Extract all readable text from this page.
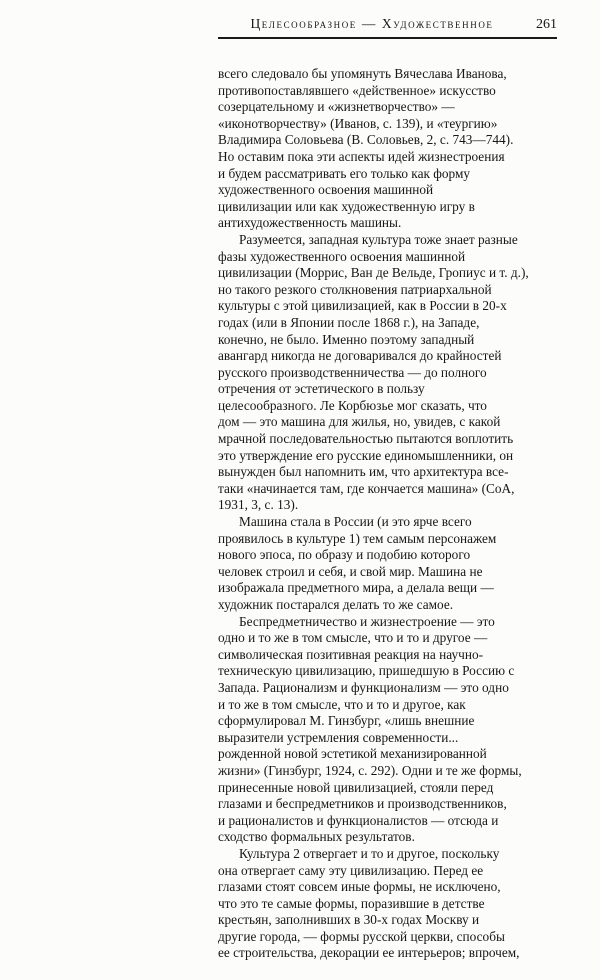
Целесообразное — Художественное	261

всего следовало бы упомянуть Вячеслава Иванова,
противопоставлявшего «действенное» искусство
созерцательному и «жизнетворчество» —
«иконотворчеству» (Иванов, с. 139), и «теургию»
Владимира Соловьева (В. Соловьев, 2, с. 743—744).
Но оставим пока эти аспекты идей жизнестроения
и будем рассматривать его только как форму
художественного освоения машинной
цивилизации или как художественную игру в
антихудожественность машины.

Разумеется, западная культура тоже знает разные
фазы художественного освоения машинной
цивилизации (Моррис, Ван де Вельде, Гропиус и т. д.),
но такого резкого столкновения патриархальной
культуры с этой цивилизацией, как в России в 20-х
годах (или в Японии после 1868 г.), на Западе,
конечно, не было. Именно поэтому западный
авангард никогда не договаривался до крайностей
русского производственничества — до полного
отречения от эстетического в пользу
целесообразного. Ле Корбюзье мог сказать, что
дом — это машина для жилья, но, увидев, с какой
мрачной последовательностью пытаются воплотить
это утверждение его русские единомышленники, он
вынужден был напомнить им, что архитектура все-
таки «начинается там, где кончается машина» (СоА,
1931, 3, с. 13).

Машина стала в России (и это ярче всего
проявилось в культуре 1) тем самым персонажем
нового эпоса, по образу и подобию которого
человек строил и себя, и свой мир. Машина не
изображала предметного мира, а делала вещи —
художник постарался делать то же самое.

Беспредметничество и жизнестроение — это
одно и то же в том смысле, что и то и другое —
символическая позитивная реакция на научно-
техническую цивилизацию, пришедшую в Россию с
Запада. Рационализм и функционализм — это одно
и то же в том смысле, что и то и другое, как
сформулировал М. Гинзбург, «лишь внешние
выразители устремления современности...
рожденной новой эстетикой механизированной
жизни» (Гинзбург, 1924, с. 292). Одни и те же формы,
принесенные новой цивилизацией, стояли перед
глазами и беспредметников и производственников,
и рационалистов и функционалистов — отсюда и
сходство формальных результатов.

Культура 2 отвергает и то и другое, поскольку
она отвергает саму эту цивилизацию. Перед ее
глазами стоят совсем иные формы, не исключено,
что это те самые формы, поразившие в детстве
крестьян, заполнивших в 30-х годах Москву и
другие города, — формы русской церкви, способы
ее строительства, декорации ее интерьеров; впрочем,
